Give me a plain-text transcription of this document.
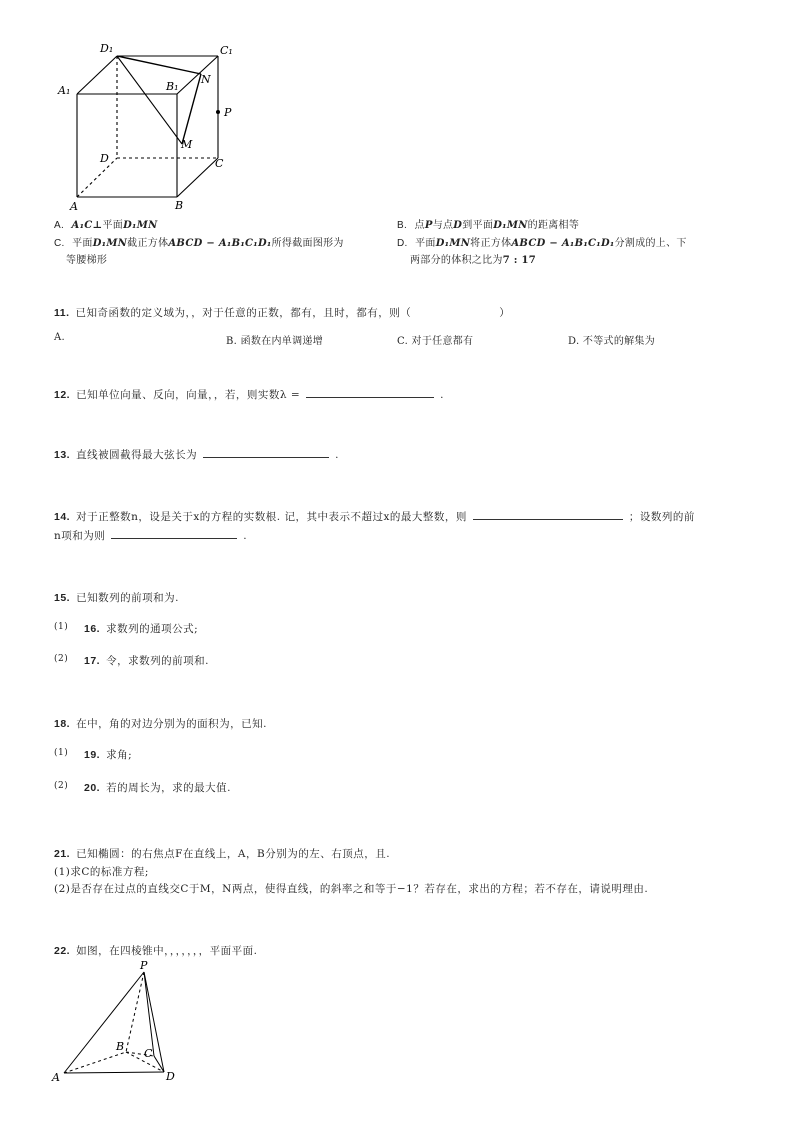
D₁	C₁
A₁	B₁
N
P
M
D	C
A	B
A. A₁C⊥平面D₁MN	B. 点P与点D到平面D₁MN的距离相等
C. 平面D₁MN截正方体ABCD − A₁B₁C₁D₁所得截面图形为
等腰梯形
D. 平面D₁MN将正方体ABCD − A₁B₁C₁D₁分割成的上、下
两部分的体积之比为7 : 17
11. 已知奇函数的定义域为，，对于任意的正数，都有，且时，都有，则（	）
A.	B. 函数在内单调递增	C. 对于任意都有	D. 不等式的解集为
12. 已知单位向量、反向，向量，，若，则实数λ =	.
13. 直线被圆截得最大弦长为	.
14. 对于正整数n，设是关于x的方程的实数根. 记，其中表示不超过x的最大整数，则	；设数列的前
n项和为则	.
15. 已知数列的前项和为.
(1) 16. 求数列的通项公式;
(2) 17. 令，求数列的前项和.
18. 在中，角的对边分别为的面积为，已知.
(1) 19. 求角;
(2) 20. 若的周长为，求的最大值.
21. 已知椭圆：的右焦点F在直线上，A，B分别为的左、右顶点，且.
(1)求C的标准方程;
(2)是否存在过点的直线交C于M，N两点，使得直线，的斜率之和等于−1？若存在，求出的方程；若不存在，请说明理由.
22. 如图，在四棱锥中，，，，，，，平面平面.
P
B
C
A	D
